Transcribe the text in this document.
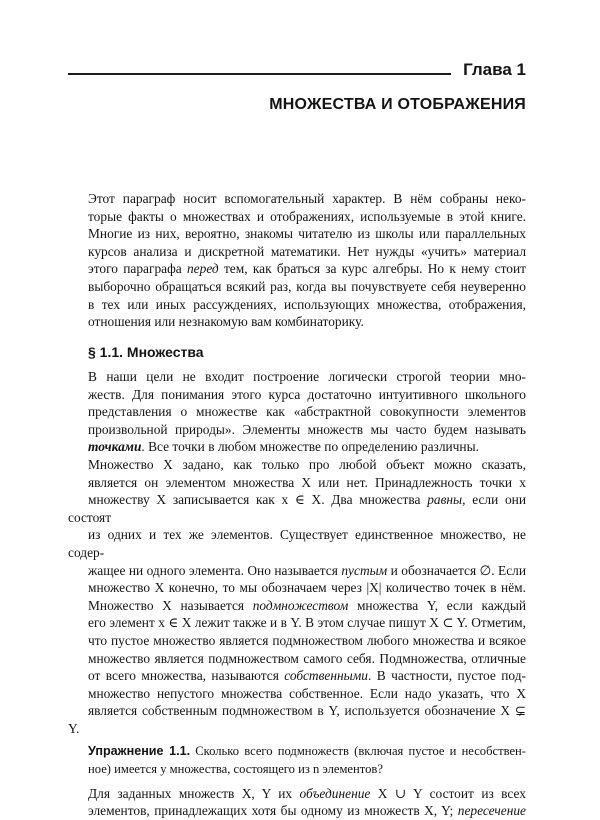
Глава 1
МНОЖЕСТВА И ОТОБРАЖЕНИЯ

Этот параграф носит вспомогательный характер. В нём собраны неко-
торые факты о множествах и отображениях, используемые в этой книге.
Многие из них, вероятно, знакомы читателю из школы или параллельных
курсов анализа и дискретной математики. Нет нужды «учить» материал
этого параграфа перед тем, как браться за курс алгебры. Но к нему стоит
выборочно обращаться всякий раз, когда вы почувствуете себя неуверенно
в тех или иных рассуждениях, использующих множества, отображения,
отношения или незнакомую вам комбинаторику.

§ 1.1. Множества

В наши цели не входит построение логически строгой теории мно-
жеств. Для понимания этого курса достаточно интуитивного школьного
представления о множестве как «абстрактной совокупности элементов
произвольной природы». Элементы множеств мы часто будем называть
точками. Все точки в любом множестве по определению различны.

Множество X задано, как только про любой объект можно сказать,
является он элементом множества X или нет. Принадлежность точки x
множеству X записывается как x ∈ X. Два множества равны, если они состоят
из одних и тех же элементов. Существует единственное множество, не содер-
жащее ни одного элемента. Оно называется пустым и обозначается ∅. Если
множество X конечно, то мы обозначаем через |X| количество точек в нём.

Множество X называется подмножеством множества Y, если каждый
его элемент x ∈ X лежит также и в Y. В этом случае пишут X ⊂ Y. Отметим,
что пустое множество является подмножеством любого множества и всякое
множество является подмножеством самого себя. Подмножества, отличные
от всего множества, называются собственными. В частности, пустое под-
множество непустого множества собственное. Если надо указать, что X
является собственным подмножеством в Y, используется обозначение X ⊊ Y.

Упражнение 1.1. Сколько всего подмножеств (включая пустое и несобствен-
ное) имеется у множества, состоящего из n элементов?

Для заданных множеств X, Y их объединение X ∪ Y состоит из всех
элементов, принадлежащих хотя бы одному из множеств X, Y; пересечение
